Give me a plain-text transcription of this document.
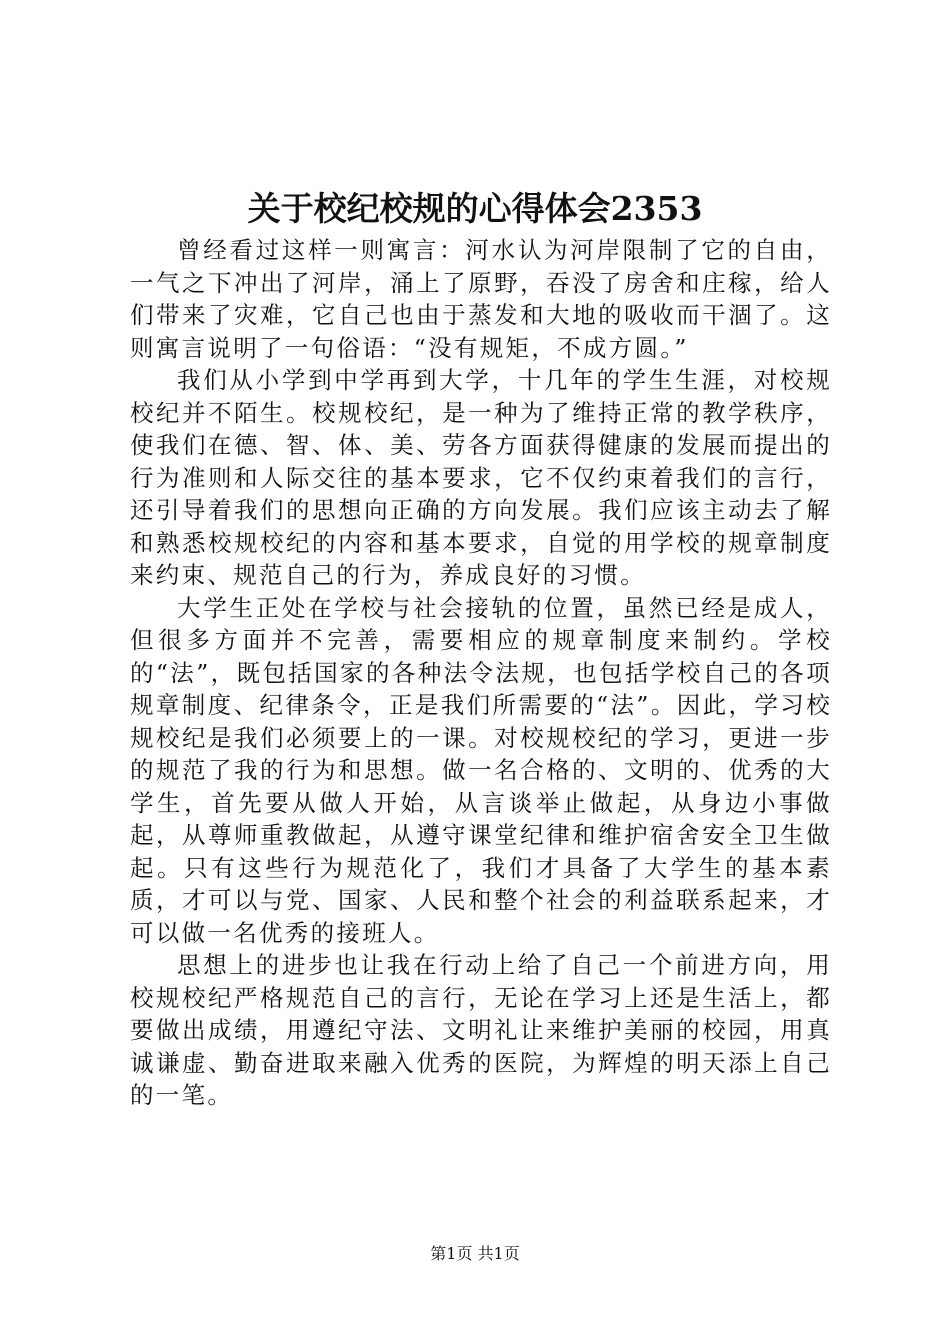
关于校纪校规的心得体会2353

曾经看过这样一则寓言：河水认为河岸限制了它的自由，一气之下冲出了河岸，涌上了原野，吞没了房舍和庄稼，给人们带来了灾难，它自己也由于蒸发和大地的吸收而干涸了。这则寓言说明了一句俗语：“没有规矩，不成方圆。”

我们从小学到中学再到大学，十几年的学生生涯，对校规校纪并不陌生。校规校纪，是一种为了维持正常的教学秩序，使我们在德、智、体、美、劳各方面获得健康的发展而提出的行为准则和人际交往的基本要求，它不仅约束着我们的言行，还引导着我们的思想向正确的方向发展。我们应该主动去了解和熟悉校规校纪的内容和基本要求，自觉的用学校的规章制度来约束、规范自己的行为，养成良好的习惯。

大学生正处在学校与社会接轨的位置，虽然已经是成人，但很多方面并不完善，需要相应的规章制度来制约。学校的“法”，既包括国家的各种法令法规，也包括学校自己的各项规章制度、纪律条令，正是我们所需要的“法”。因此，学习校规校纪是我们必须要上的一课。对校规校纪的学习，更进一步的规范了我的行为和思想。做一名合格的、文明的、优秀的大学生，首先要从做人开始，从言谈举止做起，从身边小事做起，从尊师重教做起，从遵守课堂纪律和维护宿舍安全卫生做起。只有这些行为规范化了，我们才具备了大学生的基本素质，才可以与党、国家、人民和整个社会的利益联系起来，才可以做一名优秀的接班人。

思想上的进步也让我在行动上给了自己一个前进方向，用校规校纪严格规范自己的言行，无论在学习上还是生活上，都要做出成绩，用遵纪守法、文明礼让来维护美丽的校园，用真诚谦虚、勤奋进取来融入优秀的医院，为辉煌的明天添上自己的一笔。

第1页 共1页
